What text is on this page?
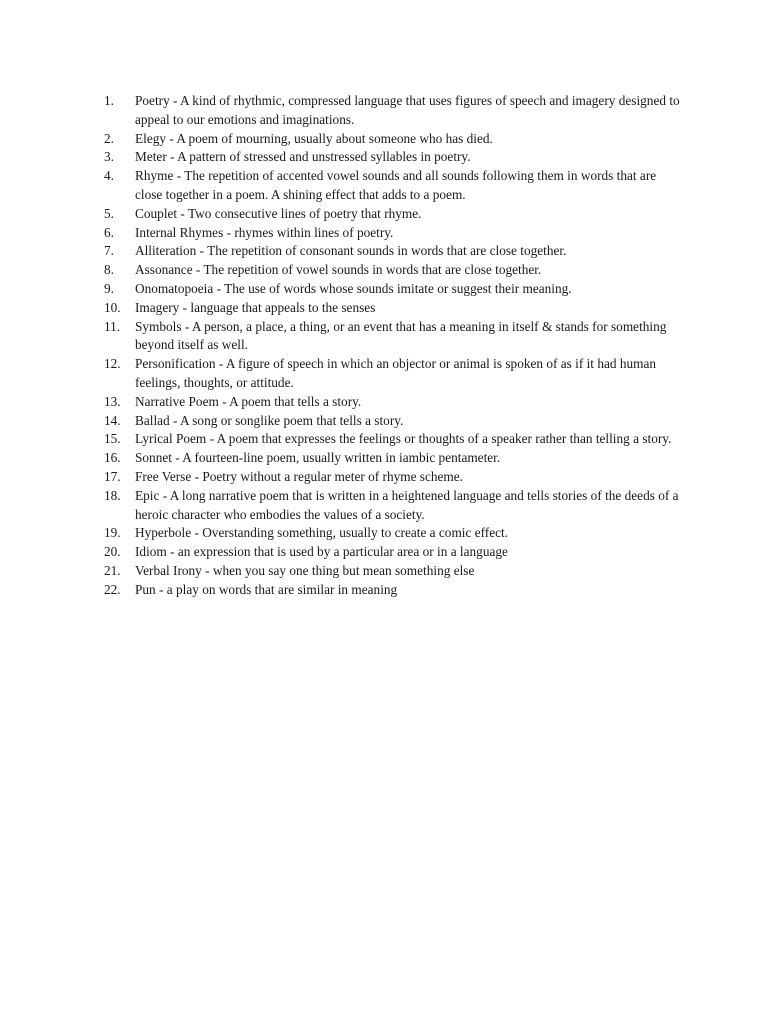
1.	Poetry - A kind of rhythmic, compressed language that uses figures of speech and imagery designed to appeal to our emotions and imaginations.
2.	Elegy - A poem of mourning, usually about someone who has died.
3.	Meter - A pattern of stressed and unstressed syllables in poetry.
4.	Rhyme - The repetition of accented vowel sounds and all sounds following them in words that are close together in a poem. A shining effect that adds to a poem.
5.	Couplet - Two consecutive lines of poetry that rhyme.
6.	Internal Rhymes - rhymes within lines of poetry.
7.	Alliteration - The repetition of consonant sounds in words that are close together.
8.	Assonance - The repetition of vowel sounds in words that are close together.
9.	Onomatopoeia - The use of words whose sounds imitate or suggest their meaning.
10.	Imagery - language that appeals to the senses
11.	Symbols - A person, a place, a thing, or an event that has a meaning in itself & stands for something beyond itself as well.
12.	Personification - A figure of speech in which an objector or animal is spoken of as if it had human feelings, thoughts, or attitude.
13.	Narrative Poem - A poem that tells a story.
14.	Ballad - A song or songlike poem that tells a story.
15.	Lyrical Poem - A poem that expresses the feelings or thoughts of a speaker rather than telling a story.
16.	Sonnet - A fourteen-line poem, usually written in iambic pentameter.
17.	Free Verse - Poetry without a regular meter of rhyme scheme.
18.	Epic - A long narrative poem that is written in a heightened language and tells stories of the deeds of a heroic character who embodies the values of a society.
19.	Hyperbole - Overstanding something, usually to create a comic effect.
20.	Idiom - an expression that is used by a particular area or in a language
21.	Verbal Irony - when you say one thing but mean something else
22.	Pun - a play on words that are similar in meaning
